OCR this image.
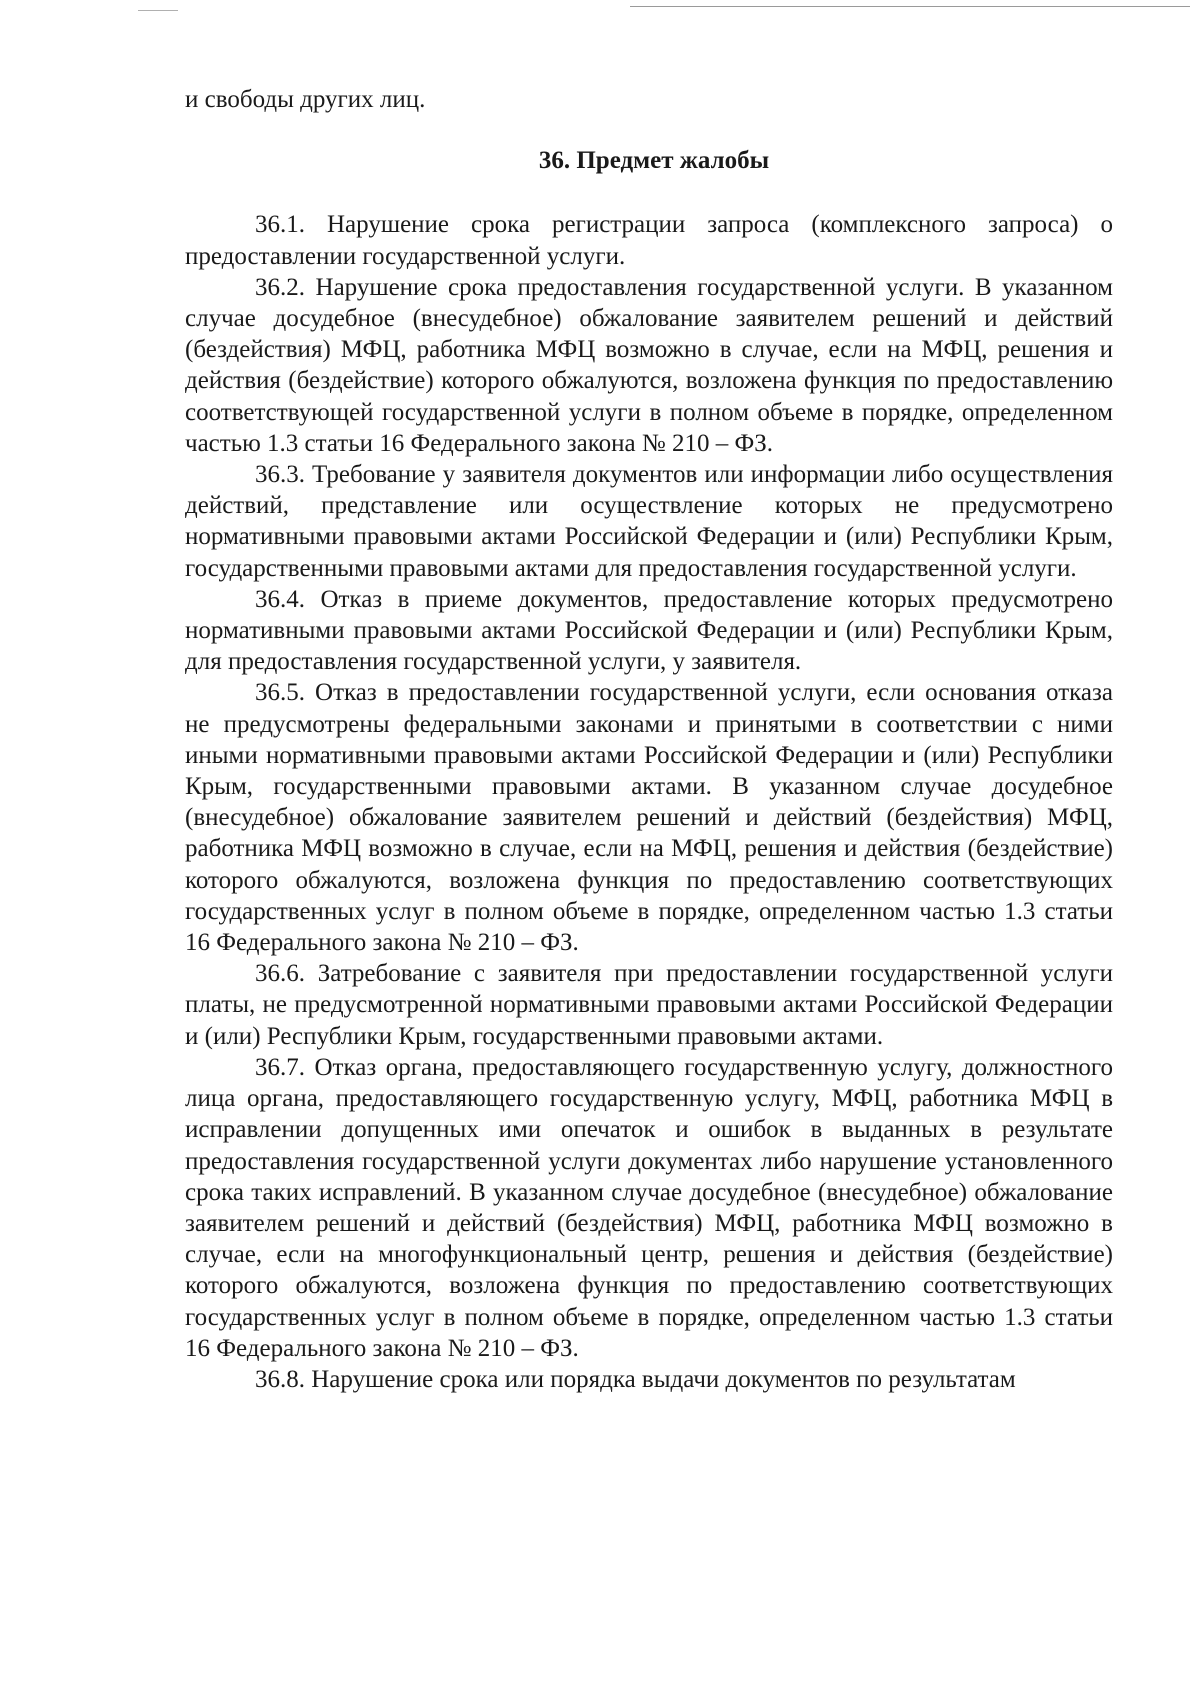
и свободы других лиц.

36. Предмет жалобы

36.1. Нарушение срока регистрации запроса (комплексного запроса) о предоставлении государственной услуги.

36.2. Нарушение срока предоставления государственной услуги. В указанном случае досудебное (внесудебное) обжалование заявителем решений и действий (бездействия) МФЦ, работника МФЦ возможно в случае, если на МФЦ, решения и действия (бездействие) которого обжалуются, возложена функция по предоставлению соответствующей государственной услуги в полном объеме в порядке, определенном частью 1.3 статьи 16 Федерального закона № 210 – ФЗ.

36.3. Требование у заявителя документов или информации либо осуществления действий, представление или осуществление которых не предусмотрено нормативными правовыми актами Российской Федерации и (или) Республики Крым, государственными правовыми актами для предоставления государственной услуги.

36.4. Отказ в приеме документов, предоставление которых предусмотрено нормативными правовыми актами Российской Федерации и (или) Республики Крым, для предоставления государственной услуги, у заявителя.

36.5. Отказ в предоставлении государственной услуги, если основания отказа не предусмотрены федеральными законами и принятыми в соответствии с ними иными нормативными правовыми актами Российской Федерации и (или) Республики Крым, государственными правовыми актами. В указанном случае досудебное (внесудебное) обжалование заявителем решений и действий (бездействия) МФЦ, работника МФЦ возможно в случае, если на МФЦ, решения и действия (бездействие) которого обжалуются, возложена функция по предоставлению соответствующих государственных услуг в полном объеме в порядке, определенном частью 1.3 статьи 16 Федерального закона № 210 – ФЗ.

36.6. Затребование с заявителя при предоставлении государственной услуги платы, не предусмотренной нормативными правовыми актами Российской Федерации и (или) Республики Крым, государственными правовыми актами.

36.7. Отказ органа, предоставляющего государственную услугу, должностного лица органа, предоставляющего государственную услугу, МФЦ, работника МФЦ в исправлении допущенных ими опечаток и ошибок в выданных в результате предоставления государственной услуги документах либо нарушение установленного срока таких исправлений. В указанном случае досудебное (внесудебное) обжалование заявителем решений и действий (бездействия) МФЦ, работника МФЦ возможно в случае, если на многофункциональный центр, решения и действия (бездействие) которого обжалуются, возложена функция по предоставлению соответствующих государственных услуг в полном объеме в порядке, определенном частью 1.3 статьи 16 Федерального закона № 210 – ФЗ.

36.8. Нарушение срока или порядка выдачи документов по результатам
